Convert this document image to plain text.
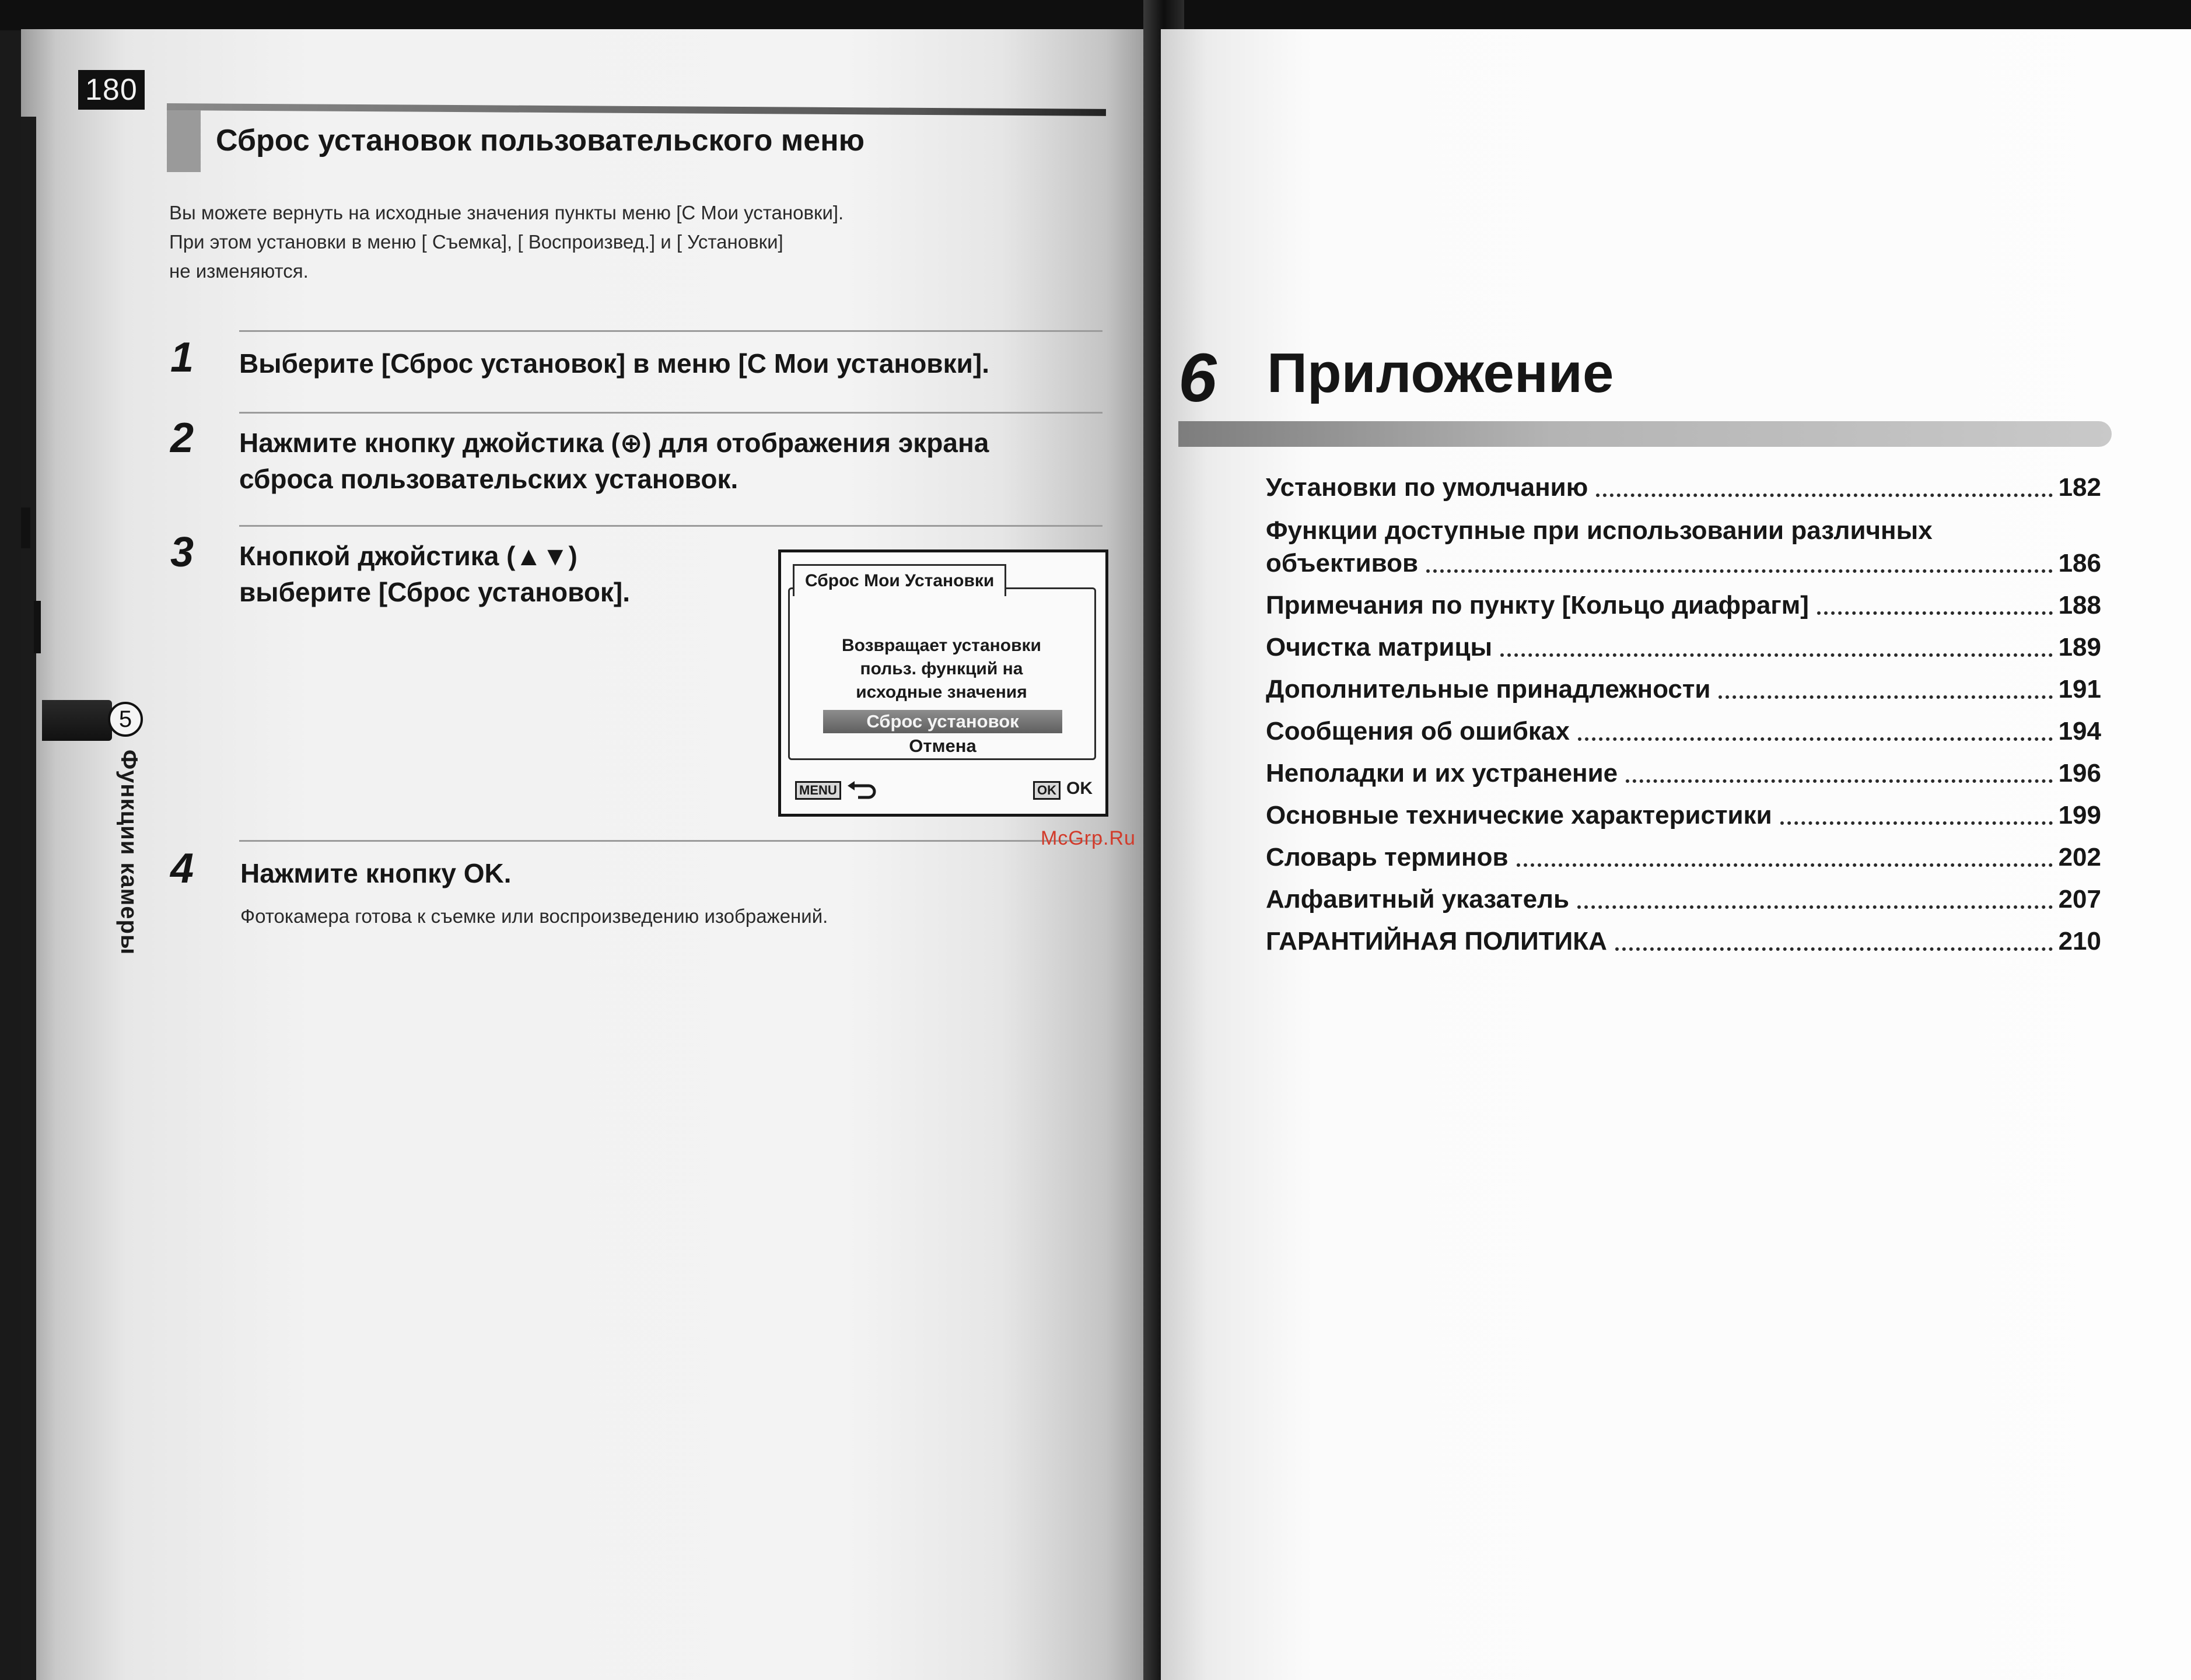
180
5
Функции камеры
Сброс установок пользовательского меню
Вы можете вернуть на исходные значения пункты меню [C Мои установки].
При этом установки в меню [ Съемка], [ Воспроизвед.] и [ Установки]
не изменяются.
1 Выберите [Сброс установок] в меню [C Мои установки].
2 Нажмите кнопку джойстика (⊕) для отображения экрана
сброса пользовательских установок.
3 Кнопкой джойстика (▲▼)
выберите [Сброс установок].	Сброс Мои Установки
Возвращает установки
польз. функций на
исходные значения
Сброс установок
Отмена
MENU	OK OK
4 Нажмите кнопку OK.
Фотокамера готова к съемке или воспроизведению изображений.
McGrp.Ru
6 Приложение
Установки по умолчанию	182
Функции доступные при использовании различных
объективов	186
Примечания по пункту [Кольцо диафрагм]	188
Очистка матрицы	189
Дополнительные принадлежности	191
Сообщения об ошибках	194
Неполадки и их устранение	196
Основные технические характеристики	199
Словарь терминов	202
Алфавитный указатель	207
ГАРАНТИЙНАЯ ПОЛИТИКА	210
